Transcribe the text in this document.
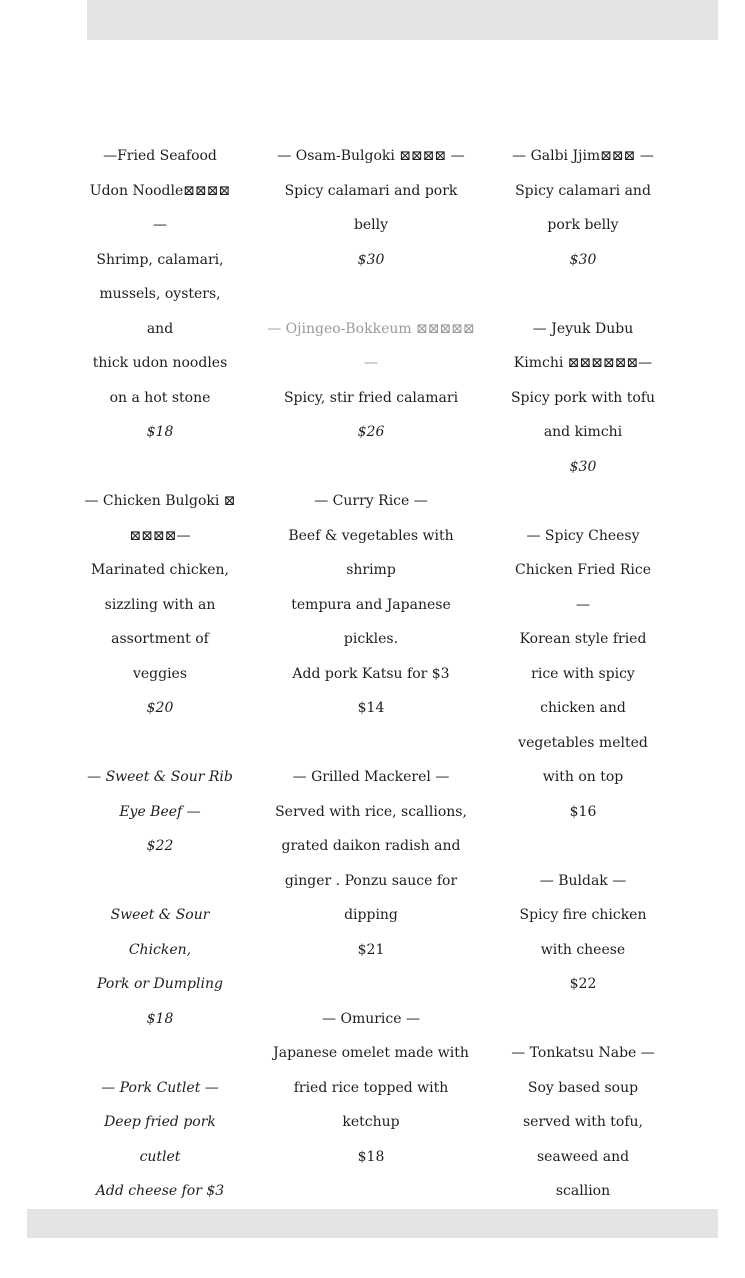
—Fried Seafood
Udon Noodle⊠⊠⊠⊠—
Shrimp, calamari,
mussels, oysters, and
thick udon noodles
on a hot stone
$18
— Chicken Bulgoki ⊠
⊠⊠⊠⊠—
Marinated chicken,
sizzling with an
assortment of veggies
$20
— Sweet & Sour Rib
Eye Beef —
$22
Sweet & Sour Chicken,
Pork or Dumpling
$18
— Pork Cutlet —
Deep fried pork cutlet
Add cheese for $3
— Osam-Bulgoki ⊠⊠⊠⊠ —
Spicy calamari and pork belly
$30
— Ojingeo-Bokkeum ⊠⊠⊠⊠⊠
—
Spicy, stir fried calamari
$26
— Curry Rice —
Beef & vegetables with shrimp
tempura and Japanese pickles.
Add pork Katsu for $3
$14
— Grilled Mackerel —
Served with rice, scallions,
grated daikon radish and
ginger . Ponzu sauce for
dipping
$21
— Omurice —
Japanese omelet made with
fried rice topped with ketchup
$18
— Galbi Jjim⊠⊠⊠ —
Spicy calamari and
pork belly
$30
— Jeyuk Dubu
Kimchi ⊠⊠⊠⊠⊠⊠—
Spicy pork with tofu
and kimchi
$30
— Spicy Cheesy
Chicken Fried Rice —
Korean style fried
rice with spicy
chicken and
vegetables melted
with on top
$16
— Buldak —
Spicy fire chicken
with cheese
$22
— Tonkatsu Nabe —
Soy based soup
served with tofu,
seaweed and scallion
